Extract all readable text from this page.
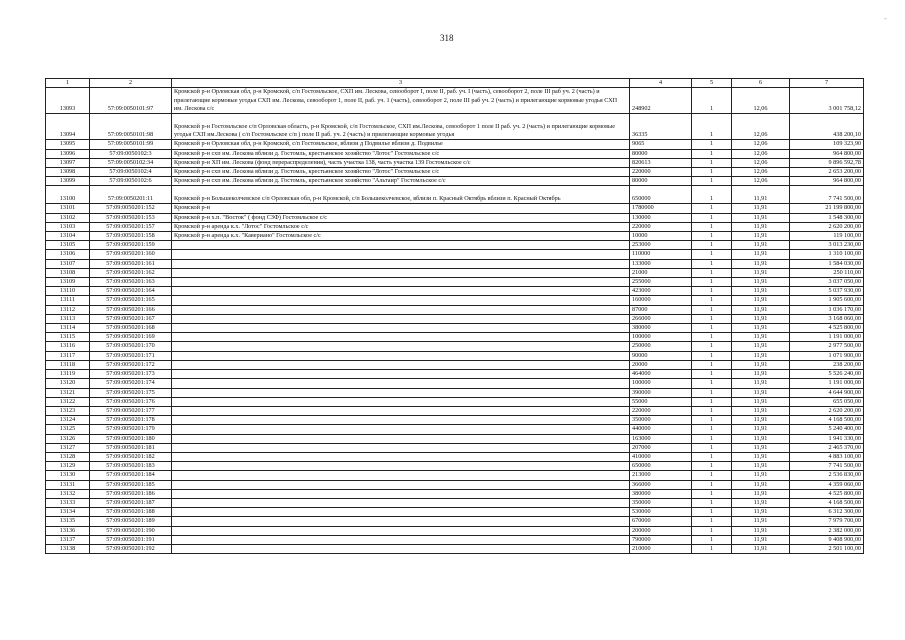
318
-
1	2	3	4	5	6	7
13093	57:09:0050101:97	Кромской р-н Орловская обл, р-н Кромской, с/п Гостомльское, СХП им. Лескова, севооборот I, поле II, раб. уч. I (часть), севооборот 2, поле III раб уч. 2 (часть) и прилегающие кормовые угодья СХП им. Лескова, севооборот 1, поле II, раб. уч. 1 (часть), севооборот 2, поле III раб уч. 2 (часть) и прилегающие кормовые угодья СХП им. Лескова с/с	248902	1	12,06	3 001 758,12
13094	57:09:0050101:98	Кромской р-н Гостомльское с/п Орловская область, р-н Кромской, с/п Гостомльское, СХП им.Лескова, севооборот 1 поле II раб. уч. 2 (часть) и прилегающие кормовые угодья СХП им.Лескова ( с/п Гостомльское с/п ) поле II раб. уч. 2 (часть) и прилегающие кормовые угодья	36335	1	12,06	438 200,10
13095	57:09:0050101:99	Кромской р-н Орловская обл, р-н Кромской, с/п Гостомльское, вблизи д Подвилье вблизи д. Подвилье	9065	1	12,06	109 323,90
13096	57:09:0050102:3	Кромской р-н схп им. Лескова вблизи д. Гостомль, крестьянское хозяйство "Лотос" Гостомльское с/с	80000	1	12,06	964 800,00
13097	57:09:0050102:34	Кромской р-н ХП им. Лескова (фонд перераспределения), часть участка 138, часть участка 139 Гостомльское с/с	820613	1	12,06	9 896 592,78
13098	57:09:0050102:4	Кромской р-н схп им. Лескова вблизи д. Гостомль, крестьянское хозяйство "Лотос" Гостомльское с/с	220000	1	12,06	2 653 200,00
13099	57:09:0050102:6	Кромской р-н схп им. Лескова вблизи д. Гостомль, крестьянское хозяйство "Альтаир" Гостомльское с/с	80000	1	12,06	964 800,00
13100	57:09:0050201:11	Кромской р-н Большеколчевское с/п Орловская обл, р-н Кромской, с/п Большеколчевское, вблизи п. Красный Октябрь вблизи п. Красный Октябрь	650000	1	11,91	7 741 500,00
13101	57:09:0050201:152	Кромской р-н	1780000	1	11,91	21 199 800,00
13102	57:09:0050201:153	Кромской р-н х.п. "Восток" ( фонд СЗФ) Гостомльское с/с	130000	1	11,91	1 548 300,00
13103	57:09:0050201:157	Кромской р-н аренда к.х. "Лотос" Гостомльское с/с	220000	1	11,91	2 620 200,00
13104	57:09:0050201:158	Кромской р-н аренда к.х. "Кавериано" Гостомльское с/с	10000	1	11,91	119 100,00
13105	57:09:0050201:159		253000	1	11,91	3 013 230,00
13106	57:09:0050201:160		110000	1	11,91	1 310 100,00
13107	57:09:0050201:161		133000	1	11,91	1 584 030,00
13108	57:09:0050201:162		21000	1	11,91	250 110,00
13109	57:09:0050201:163		255000	1	11,91	3 037 050,00
13110	57:09:0050201:164		423000	1	11,91	5 037 930,00
13111	57:09:0050201:165		160000	1	11,91	1 905 600,00
13112	57:09:0050201:166		87000	1	11,91	1 036 170,00
13113	57:09:0050201:167		266000	1	11,91	3 168 060,00
13114	57:09:0050201:168		380000	1	11,91	4 525 800,00
13115	57:09:0050201:169		100000	1	11,91	1 191 000,00
13116	57:09:0050201:170		250000	1	11,91	2 977 500,00
13117	57:09:0050201:171		90000	1	11,91	1 071 900,00
13118	57:09:0050201:172		20000	1	11,91	238 200,00
13119	57:09:0050201:173		464000	1	11,91	5 526 240,00
13120	57:09:0050201:174		100000	1	11,91	1 191 000,00
13121	57:09:0050201:175		390000	1	11,91	4 644 900,00
13122	57:09:0050201:176		55000	1	11,91	655 050,00
13123	57:09:0050201:177		220000	1	11,91	2 620 200,00
13124	57:09:0050201:178		350000	1	11,91	4 168 500,00
13125	57:09:0050201:179		440000	1	11,91	5 240 400,00
13126	57:09:0050201:180		163000	1	11,91	1 941 330,00
13127	57:09:0050201:181		207000	1	11,91	2 465 370,00
13128	57:09:0050201:182		410000	1	11,91	4 883 100,00
13129	57:09:0050201:183		650000	1	11,91	7 741 500,00
13130	57:09:0050201:184		213000	1	11,91	2 536 830,00
13131	57:09:0050201:185		366000	1	11,91	4 359 060,00
13132	57:09:0050201:186		380000	1	11,91	4 525 800,00
13133	57:09:0050201:187		350000	1	11,91	4 168 500,00
13134	57:09:0050201:188		530000	1	11,91	6 312 300,00
13135	57:09:0050201:189		670000	1	11,91	7 979 700,00
13136	57:09:0050201:190		200000	1	11,91	2 382 000,00
13137	57:09:0050201:191		790000	1	11,91	9 408 900,00
13138	57:09:0050201:192		210000	1	11,91	2 501 100,00
